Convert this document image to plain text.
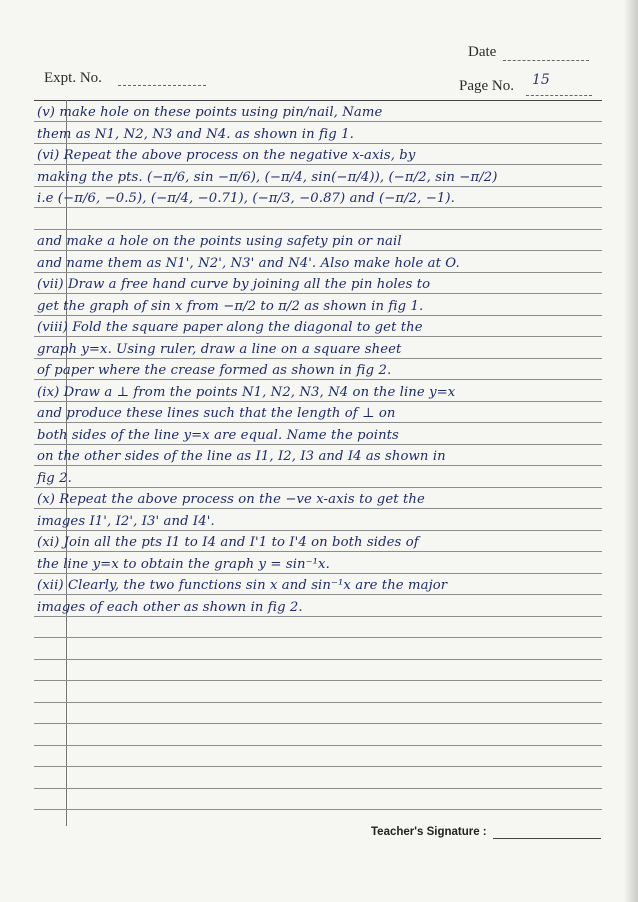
Date
Expt. No.	Page No. 15
Teacher's Signature :
(v) make hole on these points using pin/nail, Name
them as N1, N2, N3 and N4. as shown in fig 1.
(vi) Repeat the above process on the negative x-axis, by
making the pts. (−π/6, sin −π/6), (−π/4, sin(−π/4)), (−π/2, sin −π/2)
i.e (−π/6, −0.5), (−π/4, −0.71), (−π/3, −0.87) and (−π/2, −1).
and make a hole on the points using safety pin or nail
and name them as N1', N2', N3' and N4'. Also make hole at O.
(vii) Draw a free hand curve by joining all the pin holes to
get the graph of sin x from −π/2 to π/2 as shown in fig 1.
(viii) Fold the square paper along the diagonal to get the
graph y=x. Using ruler, draw a line on a square sheet
of paper where the crease formed as shown in fig 2.
(ix) Draw a ⊥ from the points N1, N2, N3, N4 on the line y=x
and produce these lines such that the length of ⊥ on
both sides of the line y=x are equal. Name the points
on the other sides of the line as I1, I2, I3 and I4 as shown in
fig 2.
(x) Repeat the above process on the −ve x-axis to get the
images I1', I2', I3' and I4'.
(xi) Join all the pts I1 to I4 and I'1 to I'4 on both sides of
the line y=x to obtain the graph y = sin⁻¹x.
(xii) Clearly, the two functions sin x and sin⁻¹x are the major
images of each other as shown in fig 2.
